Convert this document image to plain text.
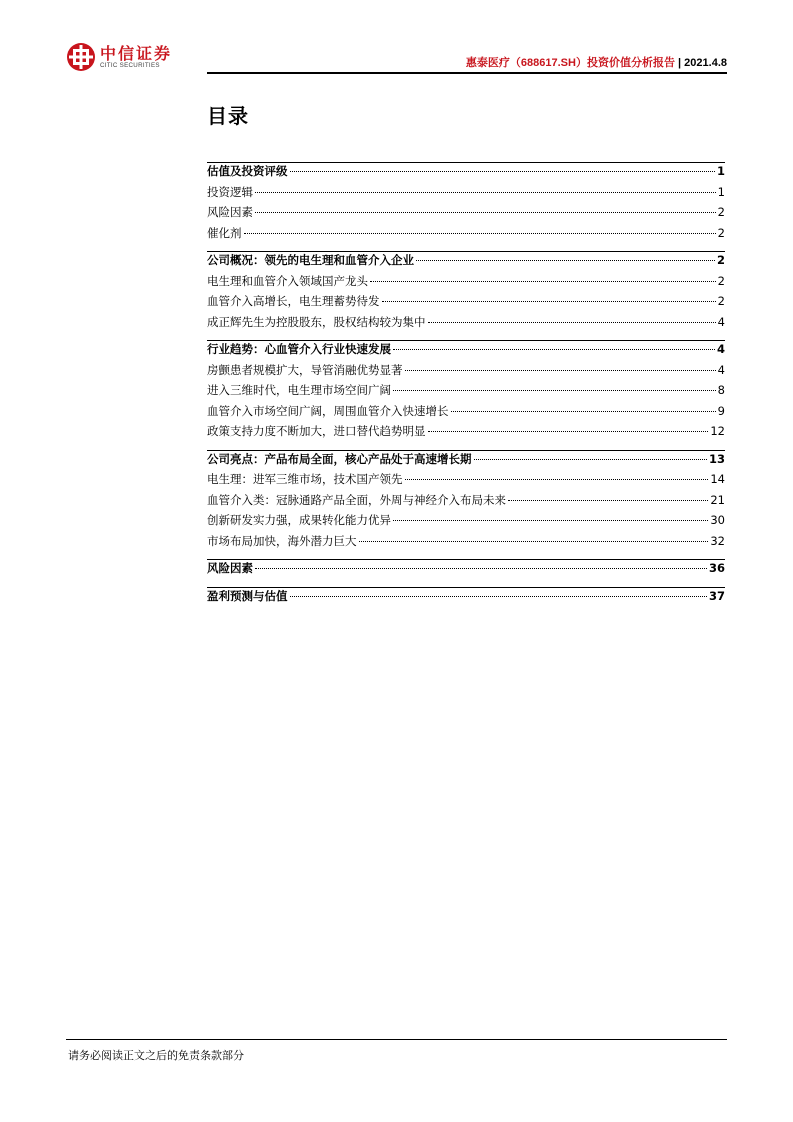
中信证券
CITIC SECURITIES	惠泰医疗（688617.SH）投资价值分析报告 | 2021.4.8
目录
估值及投资评级	1
投资逻辑	1
风险因素	2
催化剂	2
公司概况：领先的电生理和血管介入企业	2
电生理和血管介入领域国产龙头	2
血管介入高增长，电生理蓄势待发	2
成正辉先生为控股股东，股权结构较为集中	4
行业趋势：心血管介入行业快速发展	4
房颤患者规模扩大，导管消融优势显著	4
进入三维时代，电生理市场空间广阔	8
血管介入市场空间广阔，周围血管介入快速增长	9
政策支持力度不断加大，进口替代趋势明显	12
公司亮点：产品布局全面，核心产品处于高速增长期	13
电生理：进军三维市场，技术国产领先	14
血管介入类：冠脉通路产品全面，外周与神经介入布局未来	21
创新研发实力强，成果转化能力优异	30
市场布局加快，海外潜力巨大	32
风险因素	36
盈利预测与估值	37
请务必阅读正文之后的免责条款部分
